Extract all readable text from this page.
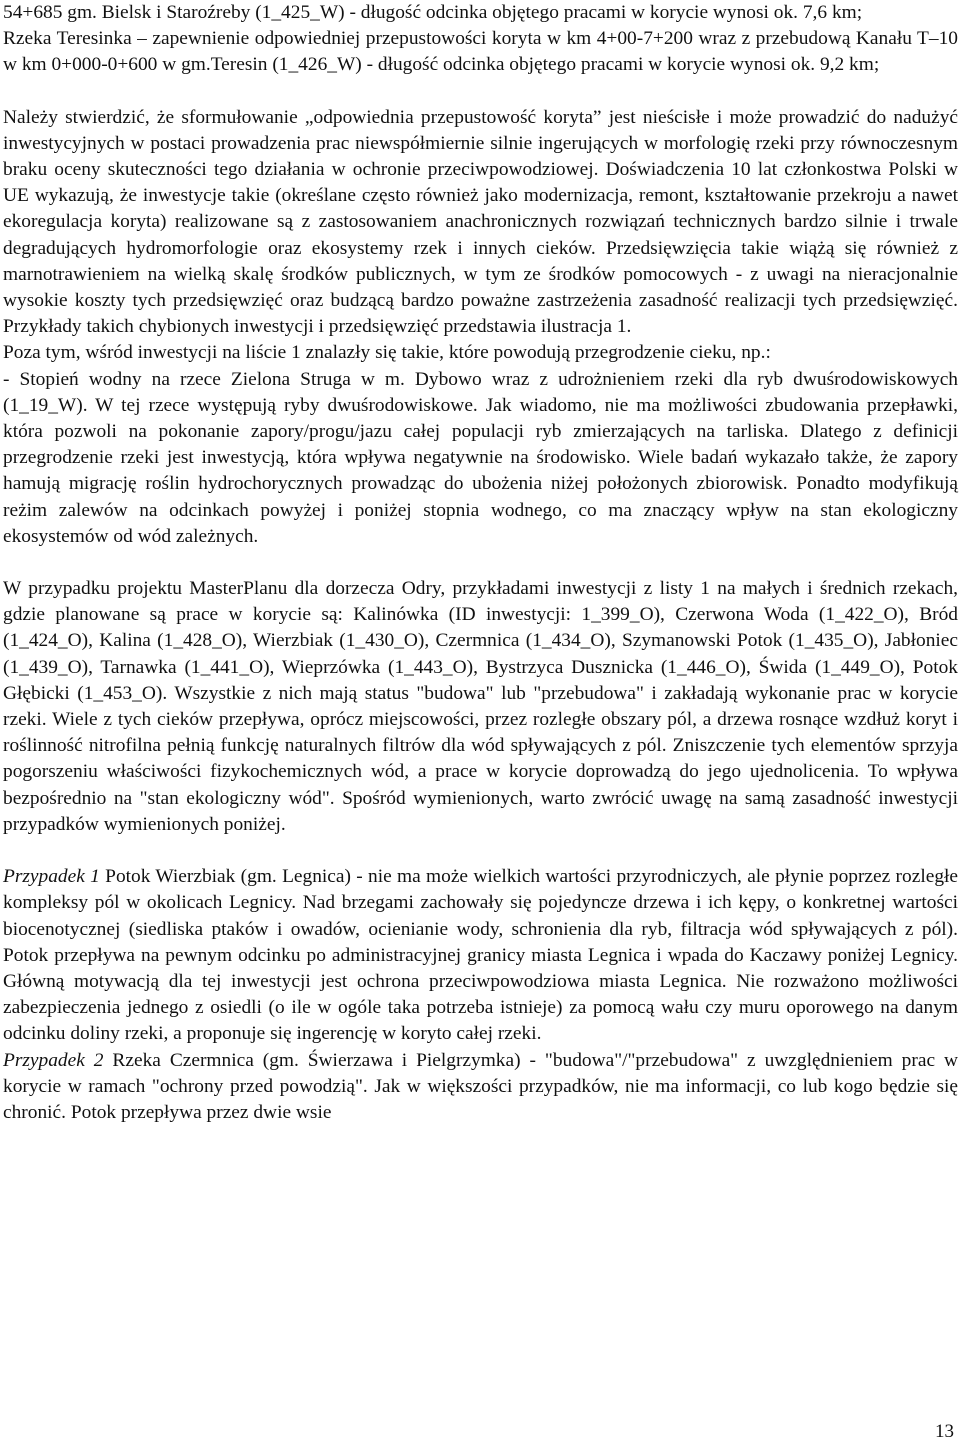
54+685 gm. Bielsk i Staroźreby (1_425_W) - długość odcinka objętego pracami w korycie wynosi ok. 7,6 km;

Rzeka Teresinka – zapewnienie odpowiedniej przepustowości koryta w km 4+00-7+200 wraz z przebudową Kanału T–10 w km 0+000-0+600 w gm.Teresin (1_426_W) - długość odcinka objętego pracami w korycie wynosi ok. 9,2 km;

Należy stwierdzić, że sformułowanie „odpowiednia przepustowość koryta” jest nieścisłe i może prowadzić do nadużyć inwestycyjnych w postaci prowadzenia prac niewspółmiernie silnie ingerujących w morfologię rzeki przy równoczesnym braku oceny skuteczności tego działania w ochronie przeciwpowodziowej. Doświadczenia 10 lat członkostwa Polski w UE wykazują, że inwestycje takie (określane często również jako modernizacja, remont, kształtowanie przekroju a nawet ekoregulacja koryta) realizowane są z zastosowaniem anachronicznych rozwiązań technicznych bardzo silnie i trwale degradujących hydromorfologie oraz ekosystemy rzek i innych cieków. Przedsięwzięcia takie wiążą się również z marnotrawieniem na wielką skalę środków publicznych, w tym ze środków pomocowych - z uwagi na nieracjonalnie wysokie koszty tych przedsięwzięć oraz budzącą bardzo poważne zastrzeżenia zasadność realizacji tych przedsięwzięć. Przykłady takich chybionych inwestycji i przedsięwzięć przedstawia ilustracja 1.

Poza tym, wśród inwestycji na liście 1 znalazły się takie, które powodują przegrodzenie cieku, np.:

- Stopień wodny na rzece Zielona Struga w m. Dybowo wraz z udrożnieniem rzeki dla ryb dwuśrodowiskowych (1_19_W). W tej rzece występują ryby dwuśrodowiskowe. Jak wiadomo, nie ma możliwości zbudowania przepławki, która pozwoli na pokonanie zapory/progu/jazu całej populacji ryb zmierzających na tarliska. Dlatego z definicji przegrodzenie rzeki jest inwestycją, która wpływa negatywnie na środowisko. Wiele badań wykazało także, że zapory hamują migrację roślin hydrochorycznych prowadząc do ubożenia niżej położonych zbiorowisk. Ponadto modyfikują reżim zalewów na odcinkach powyżej i poniżej stopnia wodnego, co ma znaczący wpływ na stan ekologiczny ekosystemów od wód zależnych.

W przypadku projektu MasterPlanu dla dorzecza Odry, przykładami inwestycji z listy 1 na małych i średnich rzekach, gdzie planowane są prace w korycie są: Kalinówka (ID inwestycji: 1_399_O), Czerwona Woda (1_422_O), Bród (1_424_O), Kalina (1_428_O), Wierzbiak (1_430_O), Czermnica (1_434_O), Szymanowski Potok (1_435_O), Jabłoniec (1_439_O), Tarnawka (1_441_O), Wieprzówka (1_443_O), Bystrzyca Dusznicka (1_446_O), Świda (1_449_O), Potok Głębicki (1_453_O). Wszystkie z nich mają status "budowa" lub "przebudowa" i zakładają wykonanie prac w korycie rzeki. Wiele z tych cieków przepływa, oprócz miejscowości, przez rozległe obszary pól, a drzewa rosnące wzdłuż koryt i roślinność nitrofilna pełnią funkcję naturalnych filtrów dla wód spływających z pól. Zniszczenie tych elementów sprzyja pogorszeniu właściwości fizykochemicznych wód, a prace w korycie doprowadzą do jego ujednolicenia. To wpływa bezpośrednio na "stan ekologiczny wód". Spośród wymienionych, warto zwrócić uwagę na samą zasadność inwestycji przypadków wymienionych poniżej.

Przypadek 1 Potok Wierzbiak (gm. Legnica) - nie ma może wielkich wartości przyrodniczych, ale płynie poprzez rozległe kompleksy pól w okolicach Legnicy. Nad brzegami zachowały się pojedyncze drzewa i ich kępy, o konkretnej wartości biocenotycznej (siedliska ptaków i owadów, ocienianie wody, schronienia dla ryb, filtracja wód spływających z pól). Potok przepływa na pewnym odcinku po administracyjnej granicy miasta Legnica i wpada do Kaczawy poniżej Legnicy. Główną motywacją dla tej inwestycji jest ochrona przeciwpowodziowa miasta Legnica. Nie rozważono możliwości zabezpieczenia jednego z osiedli (o ile w ogóle taka potrzeba istnieje) za pomocą wału czy muru oporowego na danym odcinku doliny rzeki, a proponuje się ingerencję w koryto całej rzeki.

Przypadek 2 Rzeka Czermnica (gm. Świerzawa i Pielgrzymka) - "budowa"/"przebudowa" z uwzględnieniem prac w korycie w ramach "ochrony przed powodzią". Jak w większości przypadków, nie ma informacji, co lub kogo będzie się chronić. Potok przepływa przez dwie wsie

13
